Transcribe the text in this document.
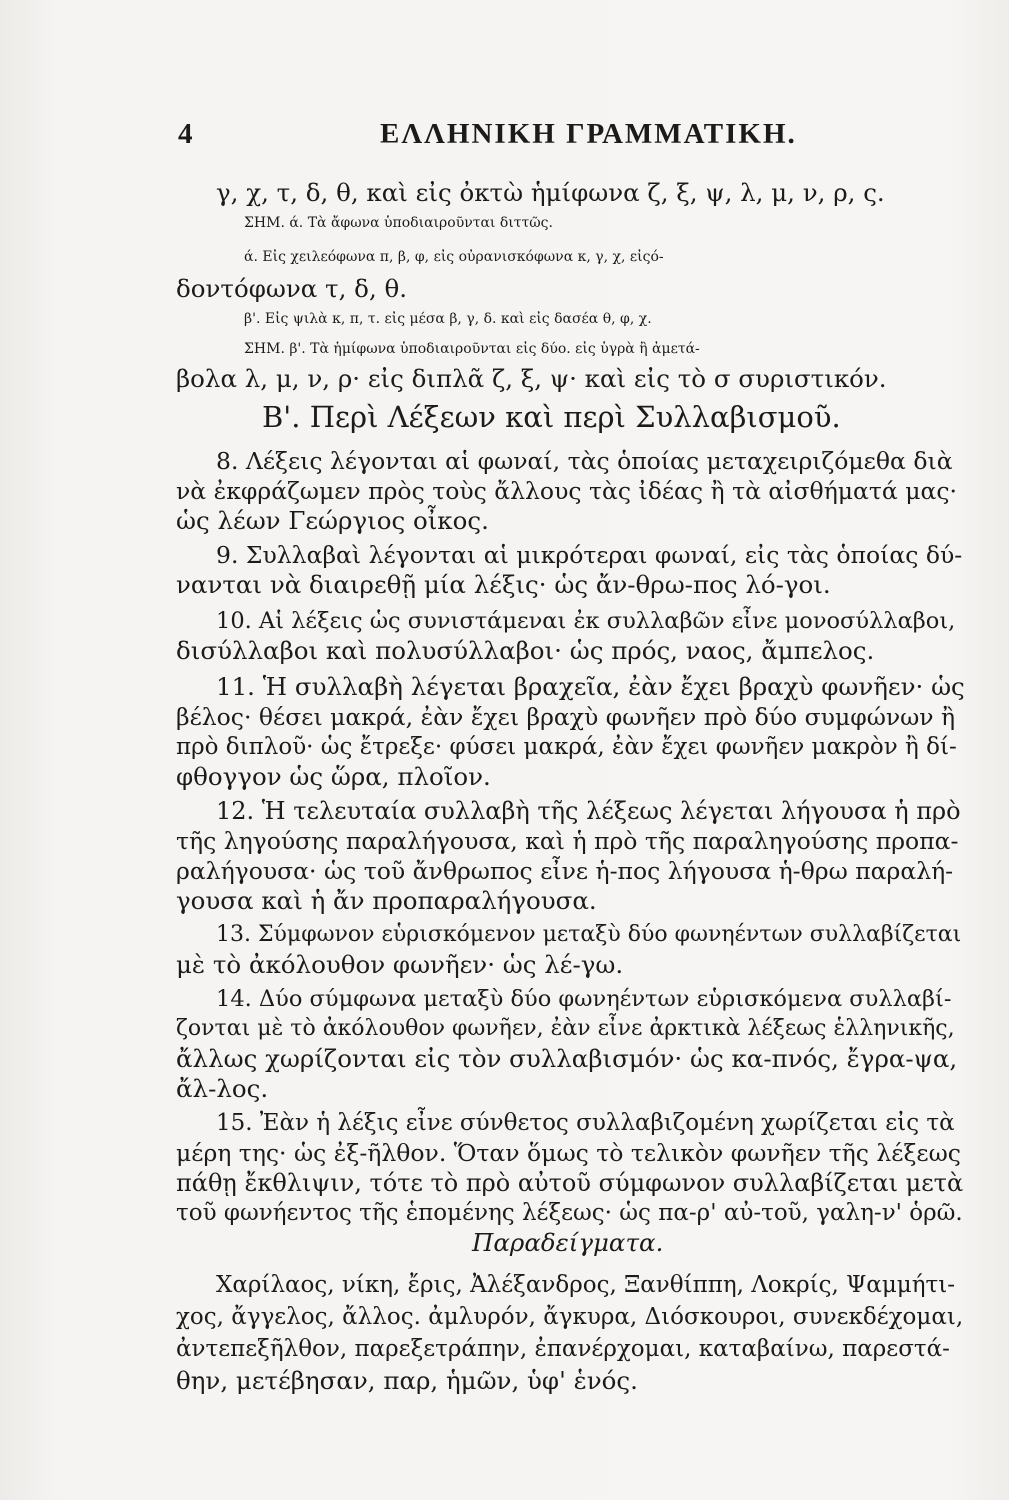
4	ΕΛΛΗΝΙΚΗ ΓΡΑΜΜΑΤΙΚΗ.
γ, χ, τ, δ, θ, καὶ εἰς ὀκτὼ ἡμίφωνα ζ, ξ, ψ, λ, μ, ν, ρ, ς.
ΣΗΜ. ά. Τὰ ἄφωνα ὑποδιαιροῦνται διττῶς.
ά. Εἰς χειλεόφωνα π, β, φ, εἰς οὐρανισκόφωνα κ, γ, χ, εἰςό-
δοντόφωνα τ, δ, θ.
β'. Εἰς ψιλὰ κ, π, τ. εἰς μέσα β, γ, δ. καὶ εἰς δασέα θ, φ, χ.
ΣΗΜ. β'. Τὰ ἡμίφωνα ὑποδιαιροῦνται εἰς δύο. εἰς ὑγρὰ ἢ ἀμετά-
βολα λ, μ, ν, ρ· εἰς διπλᾶ ζ, ξ, ψ· καὶ εἰς τὸ σ συριστικόν.
Β'. Περὶ Λέξεων καὶ περὶ Συλλαβισμοῦ.
8. Λέξεις λέγονται αἱ φωναί, τὰς ὁποίας μεταχειριζόμεθα διὰ
νὰ ἐκφράζωμεν πρὸς τοὺς ἄλλους τὰς ἰδέας ἢ τὰ αἰσθήματά μας·
ὡς λέων Γεώργιος οἶκος.
9. Συλλαβαὶ λέγονται αἱ μικρότεραι φωναί, εἰς τὰς ὁποίας δύ-
νανται νὰ διαιρεθῇ μία λέξις· ὡς ἄν-θρω-πος λό-γοι.
10. Αἱ λέξεις ὡς συνιστάμεναι ἐκ συλλαβῶν εἶνε μονοσύλλαβοι,
δισύλλαβοι καὶ πολυσύλλαβοι· ὡς πρός, ναος, ἄμπελος.
11. Ἡ συλλαβὴ λέγεται βραχεῖα, ἐὰν ἔχει βραχὺ φωνῆεν· ὡς
βέλος· θέσει μακρά, ἐὰν ἔχει βραχὺ φωνῆεν πρὸ δύο συμφώνων ἢ
πρὸ διπλοῦ· ὡς ἔτρεξε· φύσει μακρά, ἐὰν ἔχει φωνῆεν μακρὸν ἢ δί-
φθογγον ὡς ὥρα, πλοῖον.
12. Ἡ τελευταία συλλαβὴ τῆς λέξεως λέγεται λήγουσα ἡ πρὸ
τῆς ληγούσης παραλήγουσα, καὶ ἡ πρὸ τῆς παραληγούσης προπα-
ραλήγουσα· ὡς τοῦ ἄνθρωπος εἶνε ἡ-πος λήγουσα ἡ-θρω παραλή-
γουσα καὶ ἡ ἄν προπαραλήγουσα.
13. Σύμφωνον εὑρισκόμενον μεταξὺ δύο φωνηέντων συλλαβίζεται
μὲ τὸ ἀκόλουθον φωνῆεν· ὡς λέ-γω.
14. Δύο σύμφωνα μεταξὺ δύο φωνηέντων εὑρισκόμενα συλλαβί-
ζονται μὲ τὸ ἀκόλουθον φωνῆεν, ἐὰν εἶνε ἀρκτικὰ λέξεως ἑλληνικῆς,
ἄλλως χωρίζονται εἰς τὸν συλλαβισμόν· ὡς κα-πνός, ἔγρα-ψα,
ἄλ-λος.
15. Ἐὰν ἡ λέξις εἶνε σύνθετος συλλαβιζομένη χωρίζεται εἰς τὰ
μέρη της· ὡς ἐξ-ῆλθον. Ὅταν ὅμως τὸ τελικὸν φωνῆεν τῆς λέξεως
πάθῃ ἔκθλιψιν, τότε τὸ πρὸ αὐτοῦ σύμφωνον συλλαβίζεται μετὰ
τοῦ φωνήεντος τῆς ἑπομένης λέξεως· ὡς πα-ρ' αὐ-τοῦ, γαλη-ν' ὁρῶ.
Παραδείγματα.
Χαρίλαος, νίκη, ἔρις, Ἀλέξανδρος, Ξανθίππη, Λοκρίς, Ψαμμήτι-
χος, ἄγγελος, ἄλλος. ἀμλυρόν, ἄγκυρα, Διόσκουροι, συνεκδέχομαι,
ἀντεπεξῆλθον, παρεξετράπην, ἐπανέρχομαι, καταβαίνω, παρεστά-
θην, μετέβησαν, παρ, ἡμῶν, ὑφ' ἑνός.
